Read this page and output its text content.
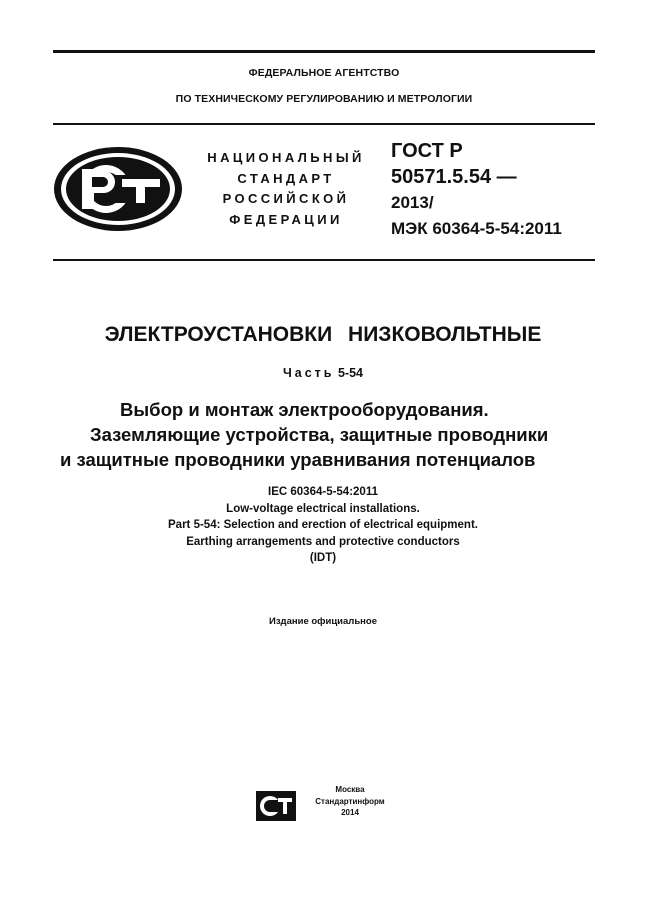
ФЕДЕРАЛЬНОЕ АГЕНТСТВО
ПО ТЕХНИЧЕСКОМУ РЕГУЛИРОВАНИЮ И МЕТРОЛОГИИ
НАЦИОНАЛЬНЫЙ
СТАНДАРТ
РОССИЙСКОЙ
ФЕДЕРАЦИИ
ГОСТ Р
50571.5.54 —
2013/
МЭК 60364-5-54:2011
ЭЛЕКТРОУСТАНОВКИ НИЗКОВОЛЬТНЫЕ
Часть 5-54
Выбор и монтаж электрооборудования.
Заземляющие устройства, защитные проводники
и защитные проводники уравнивания потенциалов
IEC 60364-5-54:2011
Low-voltage electrical installations.
Part 5-54: Selection and erection of electrical equipment.
Earthing arrangements and protective conductors
(IDT)
Издание официальное
Москва
Стандартинформ
2014
